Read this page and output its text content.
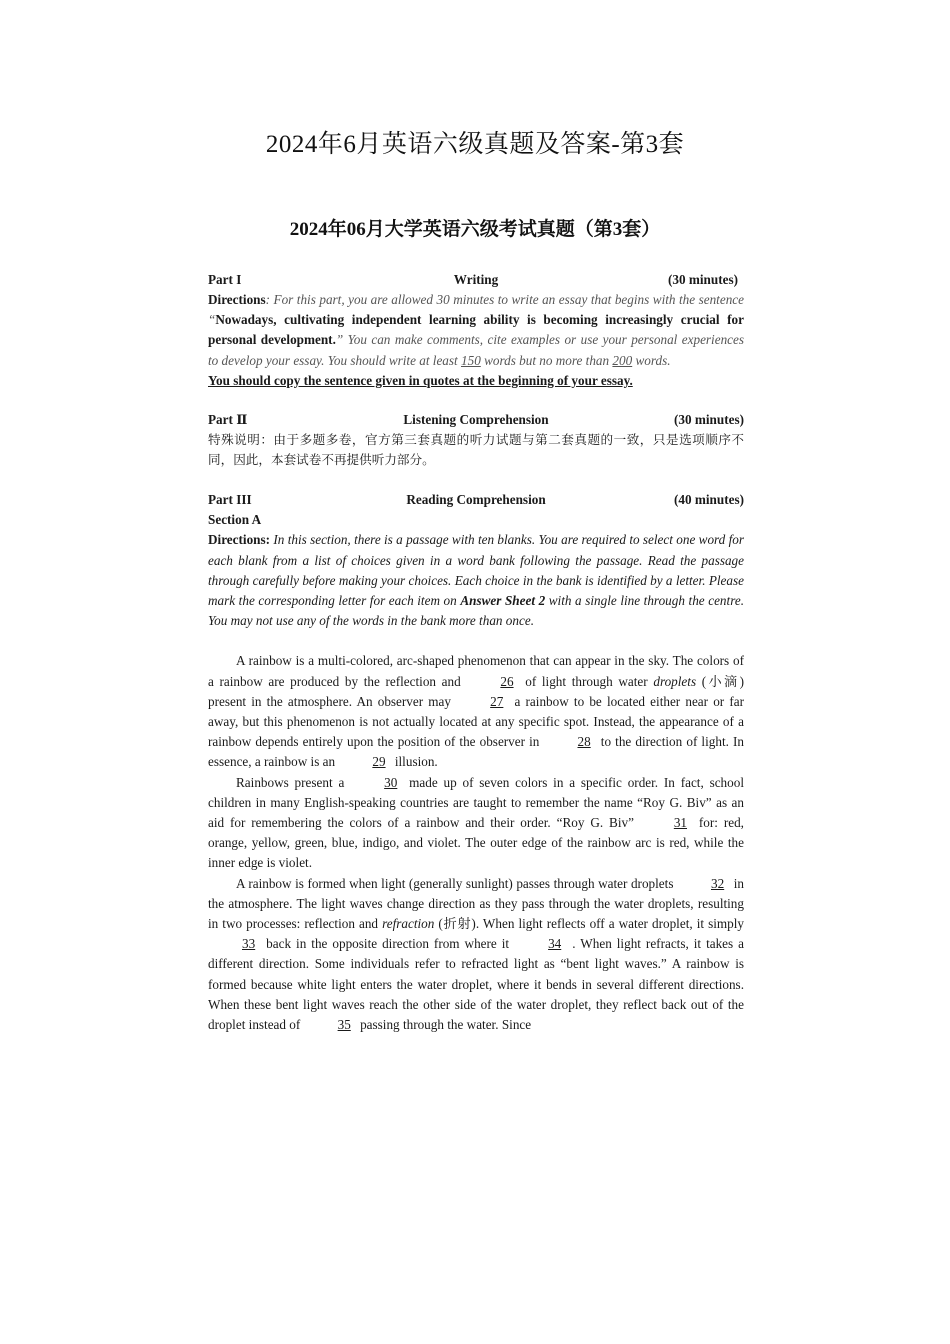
2024年6月英语六级真题及答案-第3套
2024年06月大学英语六级考试真题（第3套）
Part I	Writing	(30 minutes)

Directions: For this part, you are allowed 30 minutes to write an essay that begins with the sentence “Nowadays, cultivating independent learning ability is becoming increasingly crucial for personal development.” You can make comments, cite examples or use your personal experiences to develop your essay. You should write at least 150 words but no more than 200 words.

You should copy the sentence given in quotes at the beginning of your essay.

Part Ⅱ	Listening Comprehension	(30 minutes)

特殊说明：由于多题多卷，官方第三套真题的听力试题与第二套真题的一致，只是选项顺序不同，因此，本套试卷不再提供听力部分。

Part III	Reading Comprehension	(40 minutes)
Section A

Directions: In this section, there is a passage with ten blanks. You are required to select one word for each blank from a list of choices given in a word bank following the passage. Read the passage through carefully before making your choices. Each choice in the bank is identified by a letter. Please mark the corresponding letter for each item on Answer Sheet 2 with a single line through the centre. You may not use any of the words in the bank more than once.

A rainbow is a multi-colored, arc-shaped phenomenon that can appear in the sky. The colors of a rainbow are produced by the reflection and	26 of light through water droplets (小滴) present in the atmosphere. An observer may	27 a rainbow to be located either near or far away, but this phenomenon is not actually located at any specific spot. Instead, the appearance of a rainbow depends entirely upon the position of the observer in	28 to the direction of light. In essence, a rainbow is an	29 illusion.

Rainbows present a	30 made up of seven colors in a specific order. In fact, school children in many English-speaking countries are taught to remember the name “Roy G. Biv” as an aid for remembering the colors of a rainbow and their order. “Roy G. Biv”	31 for: red, orange, yellow, green, blue, indigo, and violet. The outer edge of the rainbow arc is red, while the inner edge is violet.

A rainbow is formed when light (generally sunlight) passes through water droplets	32 in the atmosphere. The light waves change direction as they pass through the water droplets, resulting in two processes: reflection and refraction (折射). When light reflects off a water droplet, it simply 33 back in the opposite direction from where it	34 . When light refracts, it takes a different direction. Some individuals refer to refracted light as “bent light waves.” A rainbow is formed because white light enters the water droplet, where it bends in several different directions. When these bent light waves reach the other side of the water droplet, they reflect back out of the droplet instead of	35 passing through the water. Since
